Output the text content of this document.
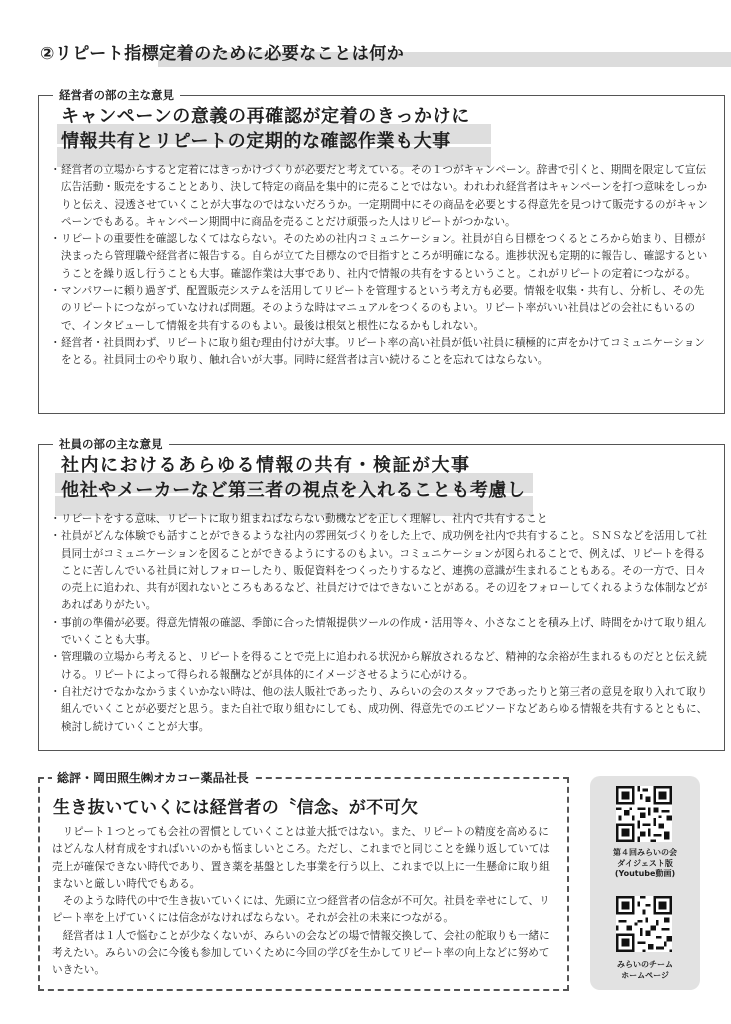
②リピート指標定着のために必要なことは何か
経営者の部の主な意見
キャンペーンの意義の再確認が定着のきっかけに
情報共有とリピートの定期的な確認作業も大事
・ 経営者の立場からすると定着にはきっかけづくりが必要だと考えている。その１つがキャンペーン。辞書で引くと、期間を限定して宣伝広告活動・販売をすることとあり、決して特定の商品を集中的に売ることではない。われわれ経営者はキャンペーンを打つ意味をしっかりと伝え、浸透させていくことが大事なのではないだろうか。一定期間中にその商品を必要とする得意先を見つけて販売するのがキャンペーンでもある。キャンペーン期間中に商品を売ることだけ頑張った人はリピートがつかない。
・ リピートの重要性を確認しなくてはならない。そのための社内コミュニケーション。社員が自ら目標をつくるところから始まり、目標が決まったら管理職や経営者に報告する。自らが立てた目標なので目指すところが明確になる。進捗状況も定期的に報告し、確認するということを繰り返し行うことも大事。確認作業は大事であり、社内で情報の共有をするということ。これがリピートの定着につながる。
・ マンパワーに頼り過ぎず、配置販売システムを活用してリピートを管理するという考え方も必要。情報を収集・共有し、分析し、その先のリピートにつながっていなければ問題。そのような時はマニュアルをつくるのもよい。リピート率がいい社員はどの会社にもいるので、インタビューして情報を共有するのもよい。最後は根気と根性になるかもしれない。
・ 経営者・社員問わず、リピートに取り組む理由付けが大事。リピート率の高い社員が低い社員に積極的に声をかけてコミュニケーションをとる。社員同士のやり取り、触れ合いが大事。同時に経営者は言い続けることを忘れてはならない。
社員の部の主な意見
社内におけるあらゆる情報の共有・検証が大事
他社やメーカーなど第三者の視点を入れることも考慮し
・ リピートをする意味、リピートに取り組まねばならない動機などを正しく理解し、社内で共有すること
・ 社員がどんな体験でも話すことができるような社内の雰囲気づくりをした上で、成功例を社内で共有すること。ＳＮＳなどを活用して社員同士がコミュニケーションを図ることができるようにするのもよい。コミュニケーションが図られることで、例えば、リピートを得ることに苦しんでいる社員に対しフォローしたり、販促資料をつくったりするなど、連携の意識が生まれることもある。その一方で、日々の売上に追われ、共有が図れないところもあるなど、社員だけではできないことがある。その辺をフォローしてくれるような体制などがあればありがたい。
・ 事前の準備が必要。得意先情報の確認、季節に合った情報提供ツールの作成・活用等々、小さなことを積み上げ、時間をかけて取り組んでいくことも大事。
・ 管理職の立場から考えると、リピートを得ることで売上に追われる状況から解放されるなど、精神的な余裕が生まれるものだとと伝え続ける。リピートによって得られる報酬などが具体的にイメージさせるように心がける。
・ 自社だけでなかなかうまくいかない時は、他の法人販社であったり、みらいの会のスタッフであったりと第三者の意見を取り入れて取り組んでいくことが必要だと思う。また自社で取り組むにしても、成功例、得意先でのエピソードなどあらゆる情報を共有するとともに、検討し続けていくことが大事。
総評・岡田照生㈱オカコー薬品社長
生き抜いていくには経営者の〝信念〟が不可欠

リピート１つとっても会社の習慣としていくことは並大抵ではない。また、リピートの精度を高めるにはどんな人材育成をすればいいのかも悩ましいところ。ただし、これまでと同じことを繰り返していては売上が確保できない時代であり、置き薬を基盤とした事業を行う以上、これまで以上に一生懸命に取り組まないと厳しい時代でもある。

そのような時代の中で生き抜いていくには、先頭に立つ経営者の信念が不可欠。社員を幸せにして、リピート率を上げていくには信念がなければならない。それが会社の未来につながる。

経営者は１人で悩むことが少なくないが、みらいの会などの場で情報交換して、会社の舵取りも一緒に考えたい。みらいの会に今後も参加していくために今回の学びを生かしてリピート率の向上などに努めていきたい。

第４回みらいの会
ダイジェスト版
(Youtube動画)
みらいのチーム
ホームページ
